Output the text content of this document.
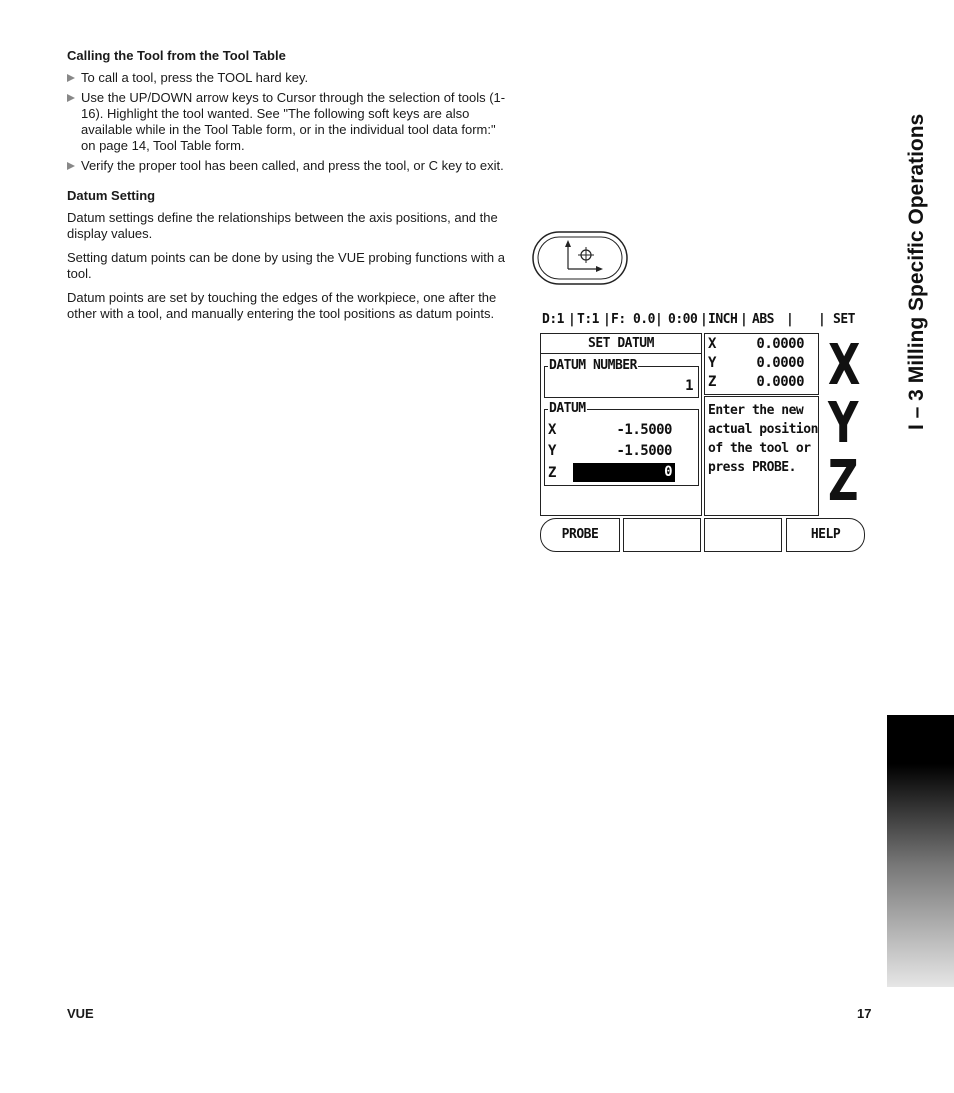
Calling the Tool from the Tool Table
To call a tool, press the TOOL hard key.
Use the UP/DOWN arrow keys to Cursor through the selection of tools (1-16). Highlight the tool wanted. See "The following soft keys are also available while in the Tool Table form, or in the individual tool data form:" on page 14, Tool Table form.
Verify the proper tool has been called, and press the tool, or C key to exit.
Datum Setting

Datum settings define the relationships between the axis positions, and the display values.

Setting datum points can be done by using the VUE probing functions with a tool.

Datum points are set by touching the edges of the workpiece, one after the other with a tool, and manually entering the tool positions as datum points.

	D:1

|

T:1

|

F: 0.0

|

0:00

|

INCH

|

ABS

|

|

SET

SET DATUM
DATUM NUMBER
1
DATUM
X	-1.5000
Y	-1.5000
Z	0
X	0.0000
Y	0.0000
Z	0.0000
Enter the new
actual position
of the tool or
press PROBE.
X
Y
Z
PROBE	HELP
I – 3 Milling Specific Operations
VUE	17
